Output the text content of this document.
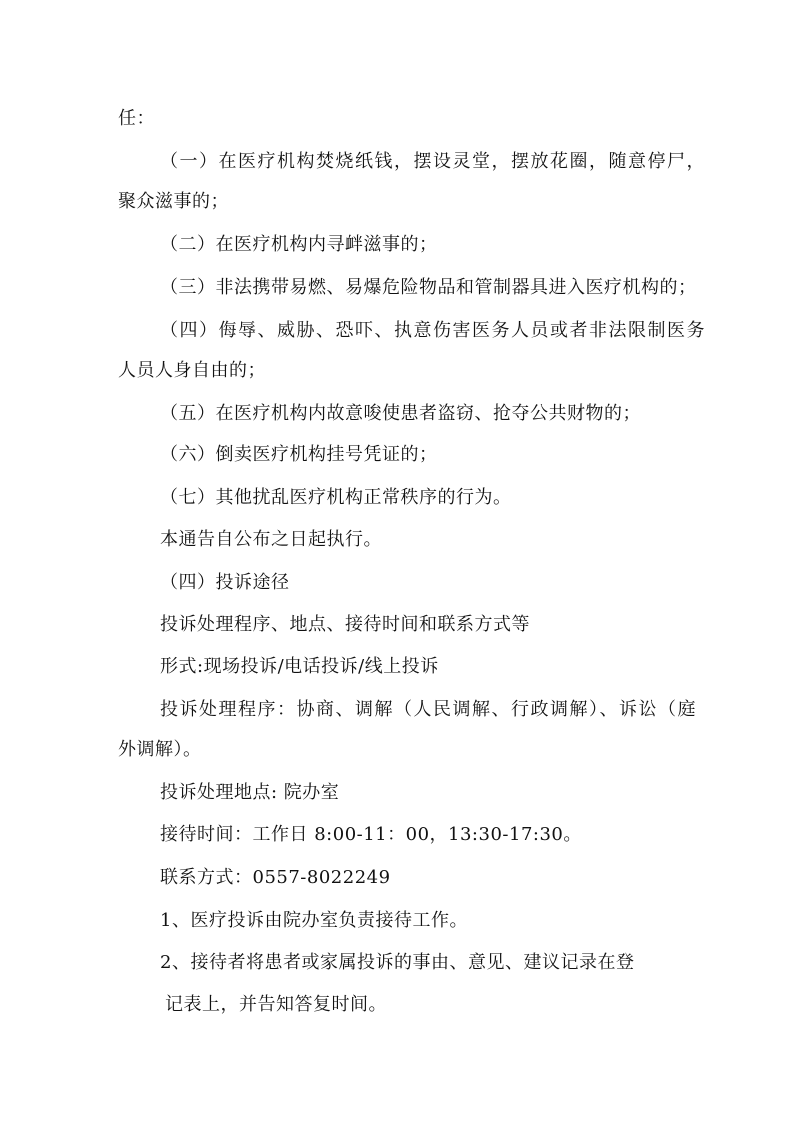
任：
（一）在医疗机构焚烧纸钱，摆设灵堂，摆放花圈，随意停尸，
聚众滋事的；
（二）在医疗机构内寻衅滋事的；
（三）非法携带易燃、易爆危险物品和管制器具进入医疗机构的；
（四）侮辱、威胁、恐吓、执意伤害医务人员或者非法限制医务
人员人身自由的；
（五）在医疗机构内故意唆使患者盗窃、抢夺公共财物的；
（六）倒卖医疗机构挂号凭证的；
（七）其他扰乱医疗机构正常秩序的行为。
本通告自公布之日起执行。
（四）投诉途径
投诉处理程序、地点、接待时间和联系方式等
形式:现场投诉/电话投诉/线上投诉
投诉处理程序：协商、调解（人民调解、行政调解）、诉讼（庭
外调解）。
投诉处理地点: 院办室
接待时间：工作日 8:00-11：00，13:30-17:30。
联系方式：0557-8022249
1、医疗投诉由院办室负责接待工作。
2、接待者将患者或家属投诉的事由、意见、建议记录在登
记表上，并告知答复时间。
